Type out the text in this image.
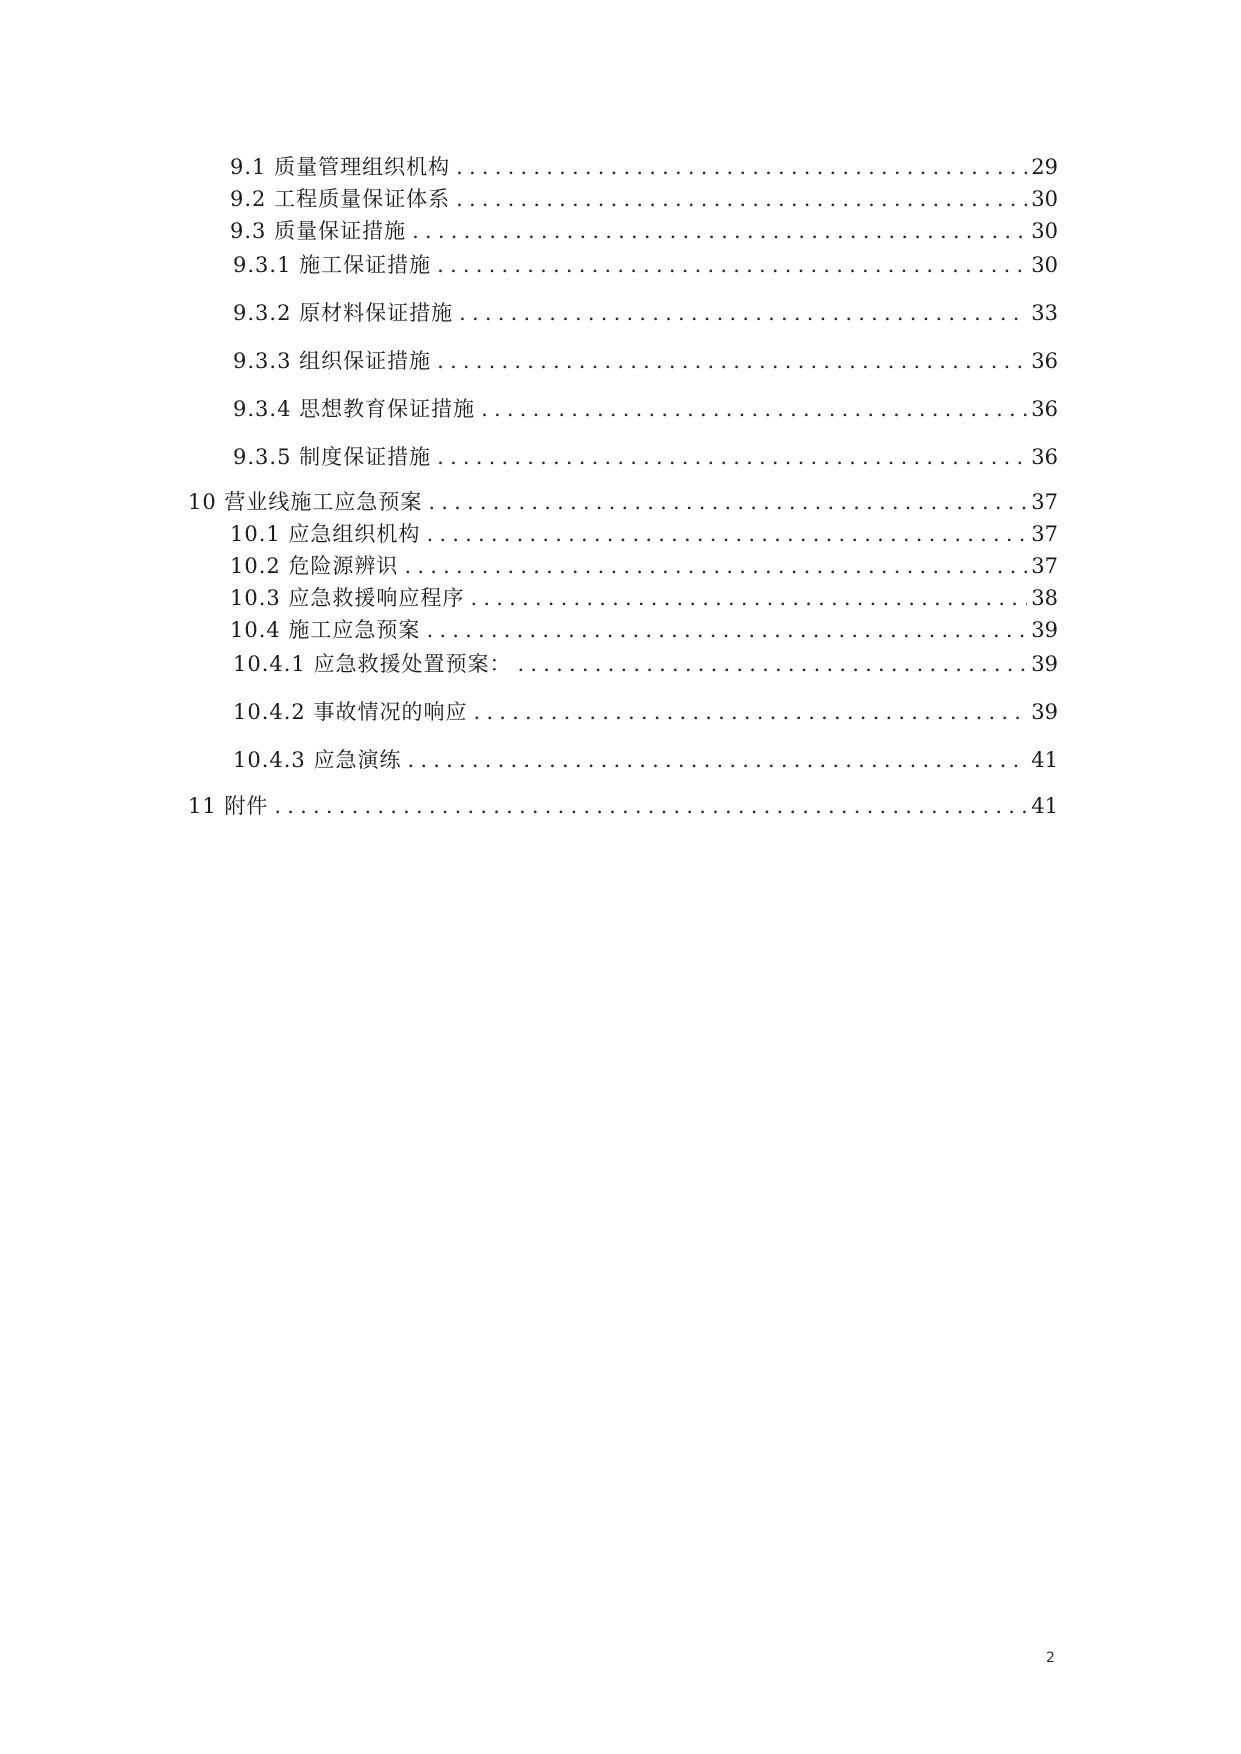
9.1 质量管理组织机构 .....	29
9.2 工程质量保证体系 .....	30
9.3 质量保证措施 .....	30
9.3.1 施工保证措施 .....	30
9.3.2 原材料保证措施 .....	33
9.3.3 组织保证措施 .....	36
9.3.4 思想教育保证措施 .....	36
9.3.5 制度保证措施 .....	36
10 营业线施工应急预案 .....	37
10.1 应急组织机构 .....	37
10.2 危险源辨识 .....	37
10.3 应急救援响应程序 .....	38
10.4 施工应急预案 .....	39
10.4.1 应急救援处置预案： .....	39
10.4.2 事故情况的响应 .....	39
10.4.3 应急演练 .....	41
11 附件 .....	41
2
